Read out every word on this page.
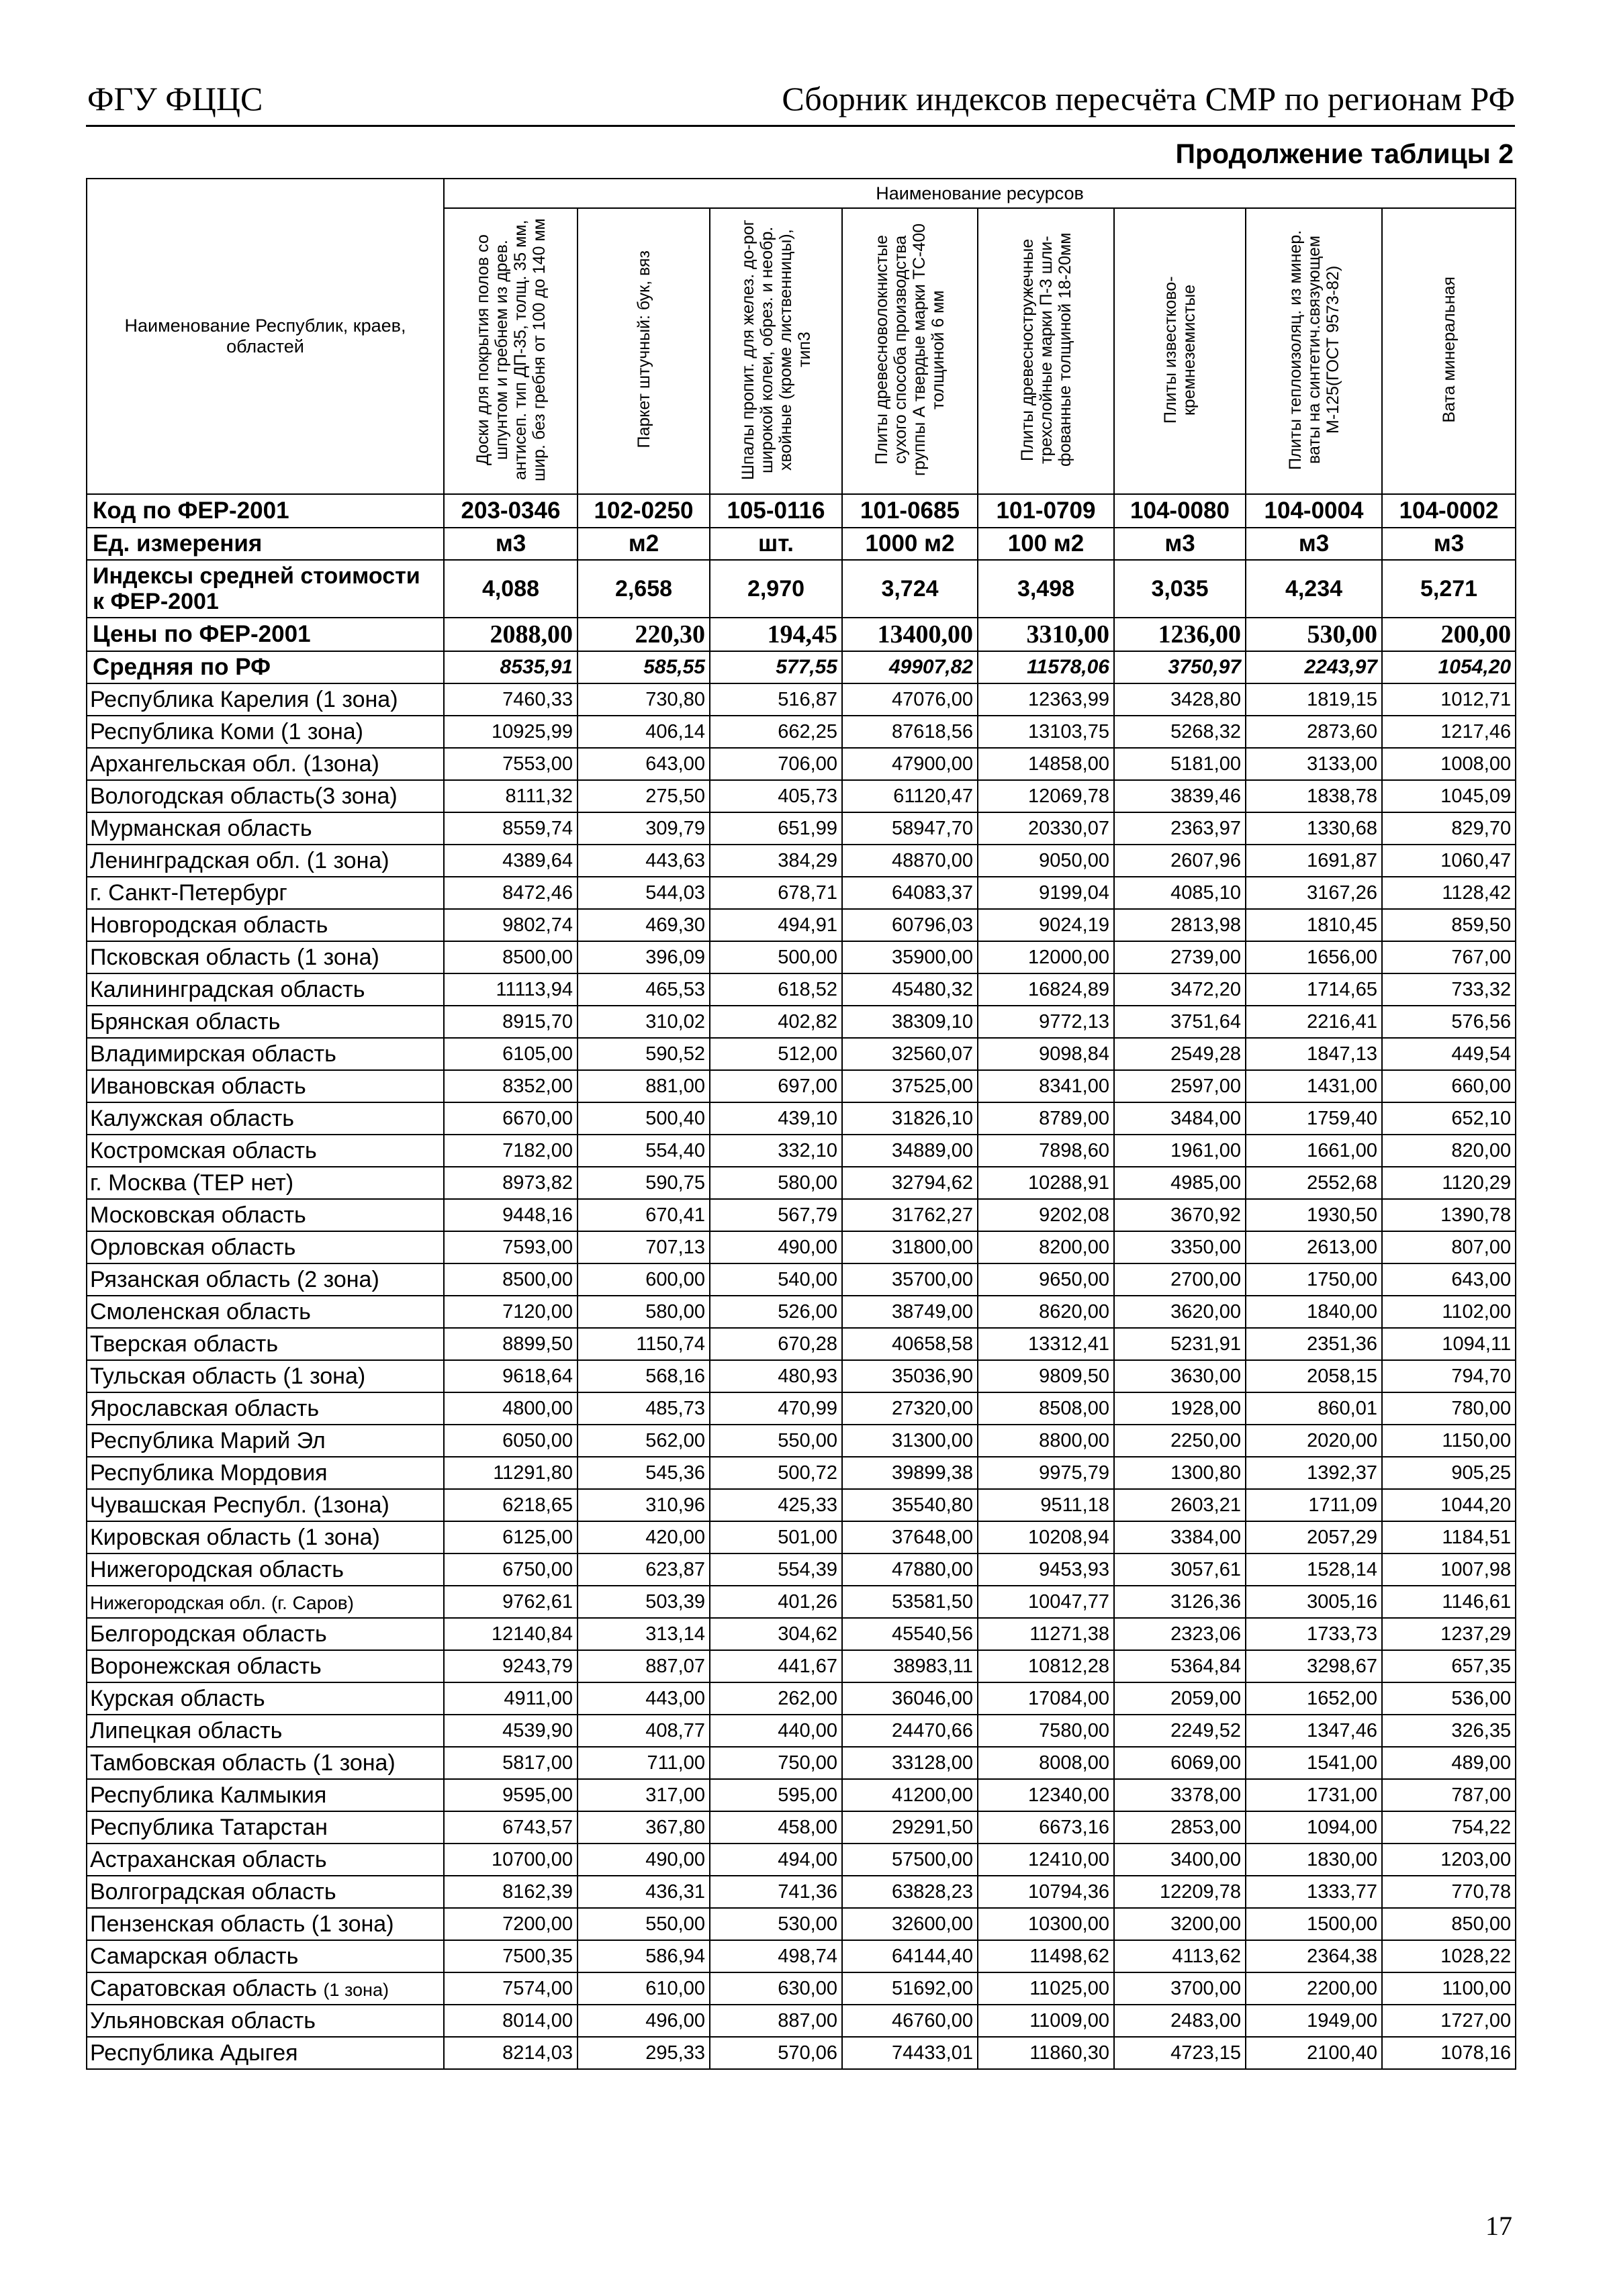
ФГУ ФЦЦС	Сборник индексов пересчёта СМР по регионам РФ
Продолжение таблицы 2
Наименование Республик, краев, областей	Наименование ресурсов							
	Доски для покрытия полов со шпунтом и гребнем из древ. антисеп. тип ДП-35, толщ. 35 мм, шир. без гребня от 100 до 140 мм	Паркет штучный: бук, вяз	Шпалы пропит. для желез. до-рог широкой колеи, обрез. и необр. хвойные (кроме лиственницы), тип3	Плиты древесноволокнистые сухого способа производства группы А твердые марки ТС-400 толщиной 6 мм	Плиты древесностружечные трехслойные марки П-3 шли-фованные толщиной 18-20мм	Плиты известково-кремнеземистые	Плиты теплоизоляц. из минер. ваты на синтетич.связующем М-125(ГОСТ 9573-82)	Вата минеральная
Код по ФЕР-2001	203-0346	102-0250	105-0116	101-0685	101-0709	104-0080	104-0004	104-0002
Ед. измерения	м3	м2	шт.	1000 м2	100 м2	м3	м3	м3

Индексы средней стоимости
к ФЕР-2001	4,088	2,658	2,970	3,724	3,498	3,035	4,234	5,271
Цены по ФЕР-2001	2088,00	220,30	194,45	13400,00	3310,00	1236,00	530,00	200,00
Средняя по РФ	8535,91	585,55	577,55	49907,82	11578,06	3750,97	2243,97	1054,20
Республика Карелия (1 зона)	7460,33	730,80	516,87	47076,00	12363,99	3428,80	1819,15	1012,71
Республика Коми (1 зона)	10925,99	406,14	662,25	87618,56	13103,75	5268,32	2873,60	1217,46
Архангельская обл. (1зона)	7553,00	643,00	706,00	47900,00	14858,00	5181,00	3133,00	1008,00
Вологодская область(3 зона)	8111,32	275,50	405,73	61120,47	12069,78	3839,46	1838,78	1045,09
Мурманская область	8559,74	309,79	651,99	58947,70	20330,07	2363,97	1330,68	829,70
Ленинградская обл. (1 зона)	4389,64	443,63	384,29	48870,00	9050,00	2607,96	1691,87	1060,47
г. Санкт-Петербург	8472,46	544,03	678,71	64083,37	9199,04	4085,10	3167,26	1128,42
Новгородская область	9802,74	469,30	494,91	60796,03	9024,19	2813,98	1810,45	859,50
Псковская область (1 зона)	8500,00	396,09	500,00	35900,00	12000,00	2739,00	1656,00	767,00
Калининградская область	11113,94	465,53	618,52	45480,32	16824,89	3472,20	1714,65	733,32
Брянская область	8915,70	310,02	402,82	38309,10	9772,13	3751,64	2216,41	576,56
Владимирская область	6105,00	590,52	512,00	32560,07	9098,84	2549,28	1847,13	449,54
Ивановская область	8352,00	881,00	697,00	37525,00	8341,00	2597,00	1431,00	660,00
Калужская область	6670,00	500,40	439,10	31826,10	8789,00	3484,00	1759,40	652,10
Костромская область	7182,00	554,40	332,10	34889,00	7898,60	1961,00	1661,00	820,00
г. Москва (ТЕР нет)	8973,82	590,75	580,00	32794,62	10288,91	4985,00	2552,68	1120,29
Московская область	9448,16	670,41	567,79	31762,27	9202,08	3670,92	1930,50	1390,78
Орловская область	7593,00	707,13	490,00	31800,00	8200,00	3350,00	2613,00	807,00
Рязанская область (2 зона)	8500,00	600,00	540,00	35700,00	9650,00	2700,00	1750,00	643,00
Смоленская область	7120,00	580,00	526,00	38749,00	8620,00	3620,00	1840,00	1102,00
Тверская область	8899,50	1150,74	670,28	40658,58	13312,41	5231,91	2351,36	1094,11
Тульская область (1 зона)	9618,64	568,16	480,93	35036,90	9809,50	3630,00	2058,15	794,70
Ярославская область	4800,00	485,73	470,99	27320,00	8508,00	1928,00	860,01	780,00
Республика Марий Эл	6050,00	562,00	550,00	31300,00	8800,00	2250,00	2020,00	1150,00
Республика Мордовия	11291,80	545,36	500,72	39899,38	9975,79	1300,80	1392,37	905,25
Чувашская Республ. (1зона)	6218,65	310,96	425,33	35540,80	9511,18	2603,21	1711,09	1044,20
Кировская область (1 зона)	6125,00	420,00	501,00	37648,00	10208,94	3384,00	2057,29	1184,51
Нижегородская область	6750,00	623,87	554,39	47880,00	9453,93	3057,61	1528,14	1007,98
Нижегородская обл. (г. Саров)	9762,61	503,39	401,26	53581,50	10047,77	3126,36	3005,16	1146,61
Белгородская область	12140,84	313,14	304,62	45540,56	11271,38	2323,06	1733,73	1237,29
Воронежская область	9243,79	887,07	441,67	38983,11	10812,28	5364,84	3298,67	657,35
Курская область	4911,00	443,00	262,00	36046,00	17084,00	2059,00	1652,00	536,00
Липецкая область	4539,90	408,77	440,00	24470,66	7580,00	2249,52	1347,46	326,35
Тамбовская область (1 зона)	5817,00	711,00	750,00	33128,00	8008,00	6069,00	1541,00	489,00
Республика Калмыкия	9595,00	317,00	595,00	41200,00	12340,00	3378,00	1731,00	787,00
Республика Татарстан	6743,57	367,80	458,00	29291,50	6673,16	2853,00	1094,00	754,22
Астраханская область	10700,00	490,00	494,00	57500,00	12410,00	3400,00	1830,00	1203,00
Волгоградская область	8162,39	436,31	741,36	63828,23	10794,36	12209,78	1333,77	770,78
Пензенская область (1 зона)	7200,00	550,00	530,00	32600,00	10300,00	3200,00	1500,00	850,00
Самарская область	7500,35	586,94	498,74	64144,40	11498,62	4113,62	2364,38	1028,22
Саратовская область (1 зона)	7574,00	610,00	630,00	51692,00	11025,00	3700,00	2200,00	1100,00
Ульяновская область	8014,00	496,00	887,00	46760,00	11009,00	2483,00	1949,00	1727,00
Республика Адыгея	8214,03	295,33	570,06	74433,01	11860,30	4723,15	2100,40	1078,16
17
